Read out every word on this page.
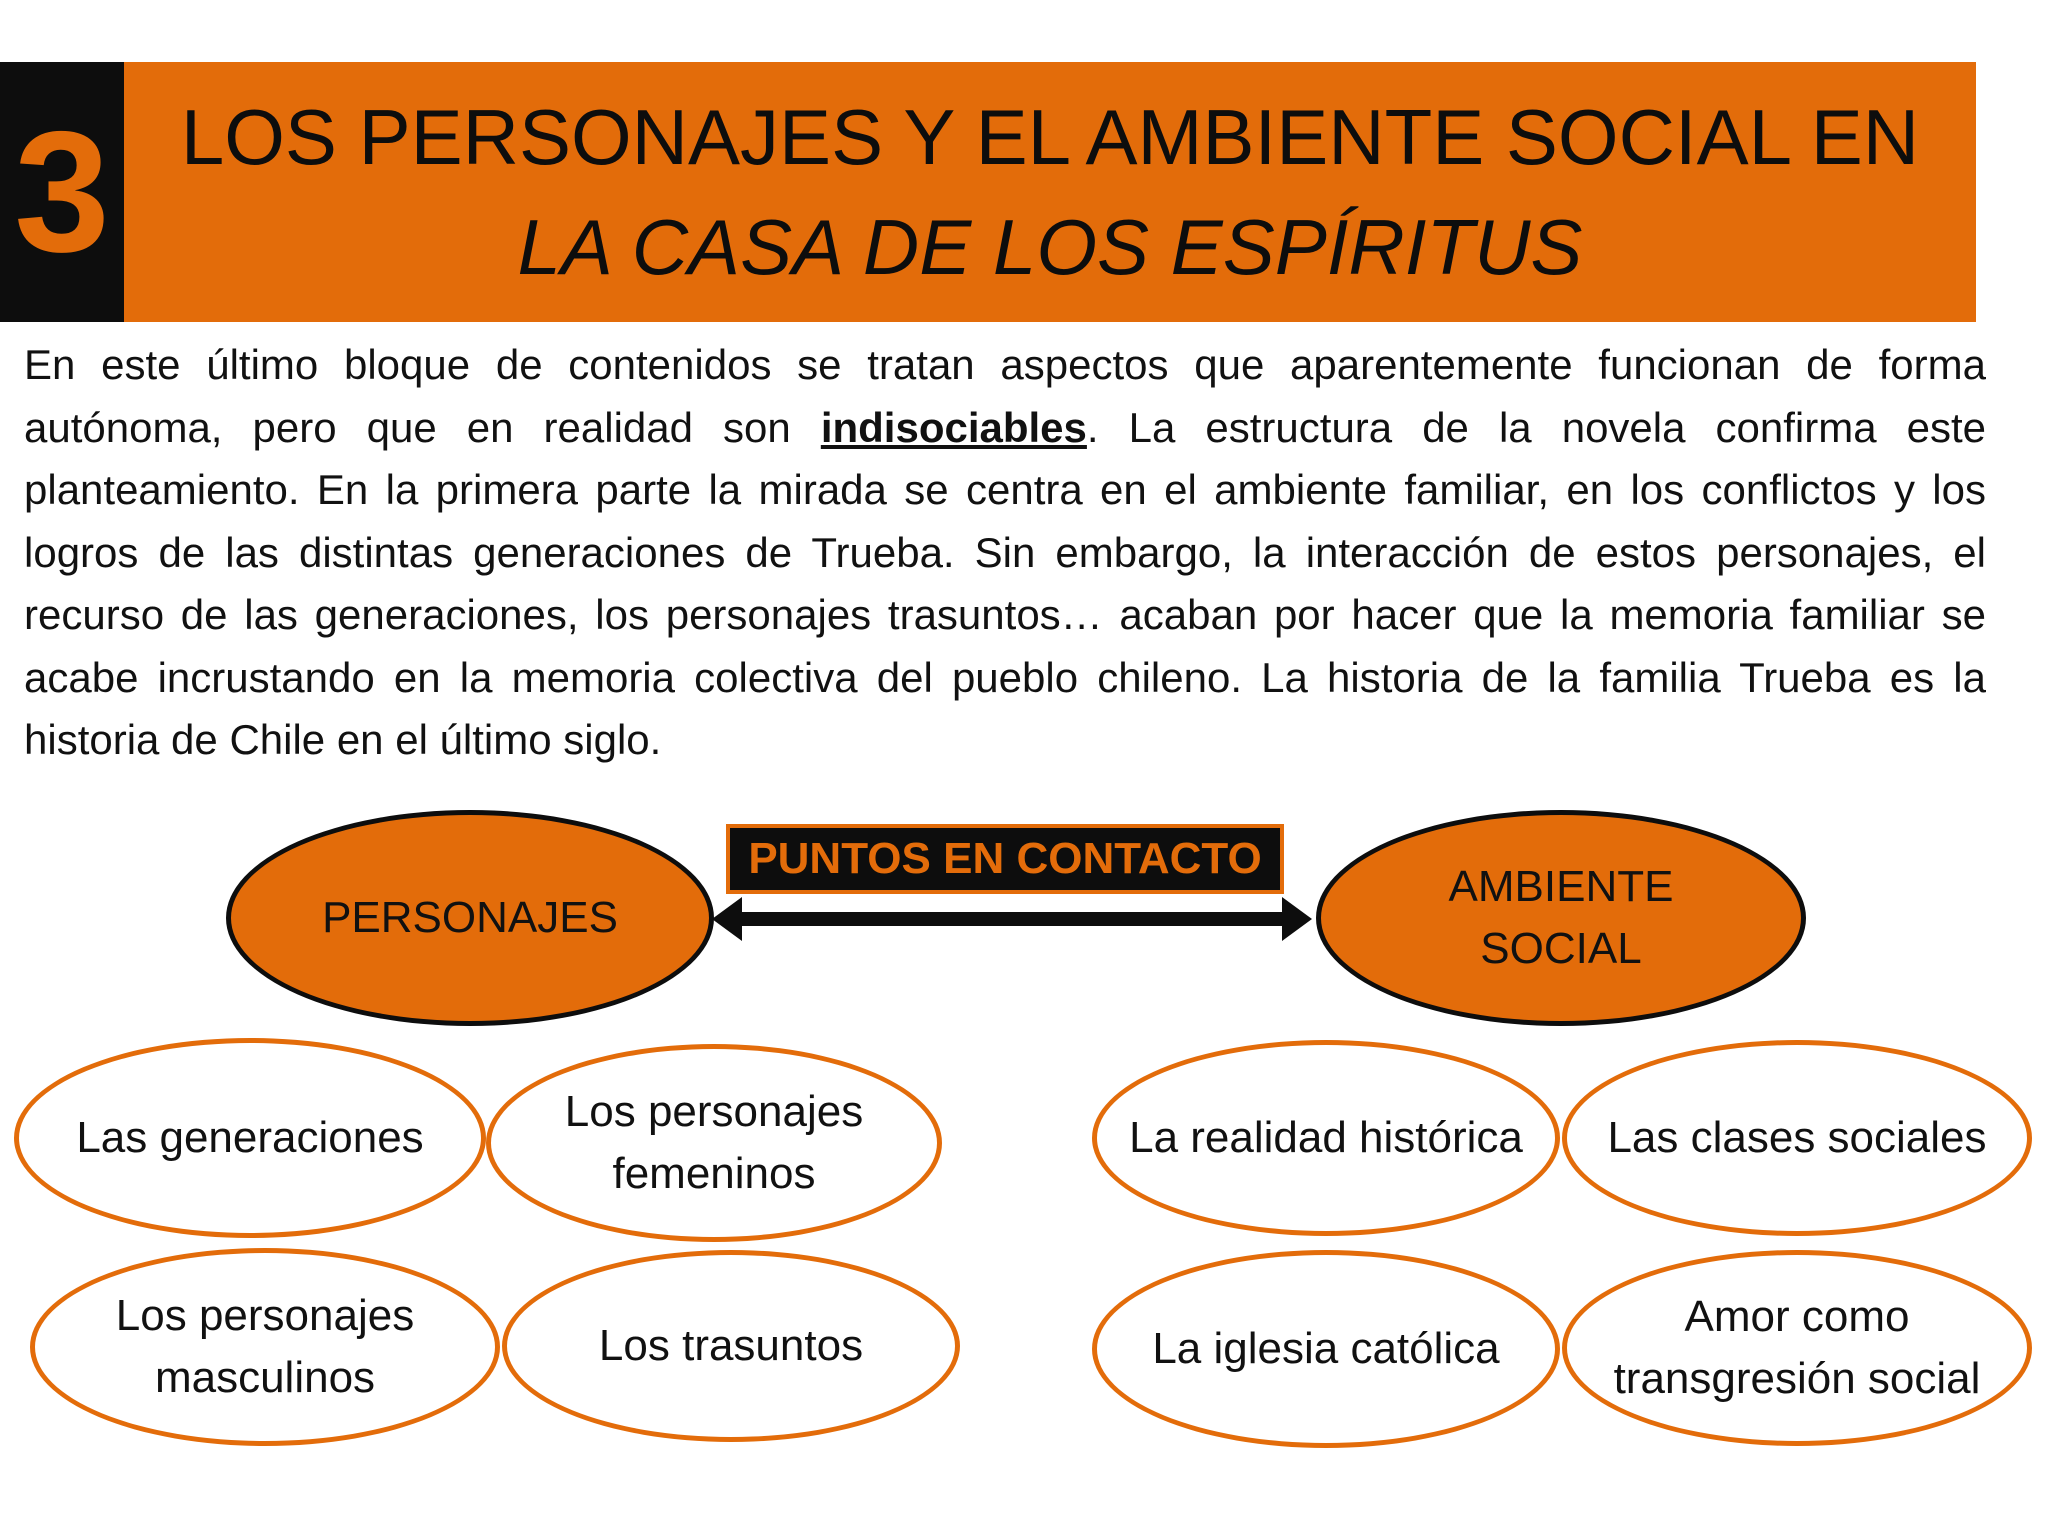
3 LOS PERSONAJES Y EL AMBIENTE SOCIAL EN
LA CASA DE LOS ESPÍRITUS

En este último bloque de contenidos se tratan aspectos que aparentemente funcionan de forma autónoma, pero que en realidad son indisociables. La estructura de la novela confirma este planteamiento. En la primera parte la mirada se centra en el ambiente familiar, en los conflictos y los logros de las distintas generaciones de Trueba. Sin embargo, la interacción de estos personajes, el recurso de las generaciones, los personajes trasuntos… acaban por hacer que la memoria familiar se acabe incrustando en la memoria colectiva del pueblo chileno. La historia de la familia Trueba es la historia de Chile en el último siglo.

PUNTOS EN CONTACTO
PERSONAJES
AMBIENTE
SOCIAL
Las generaciones
Los personajes
femeninos
Los personajes
masculinos
Los trasuntos
La realidad histórica Las clases sociales
La iglesia católica
Amor como
transgresión social
